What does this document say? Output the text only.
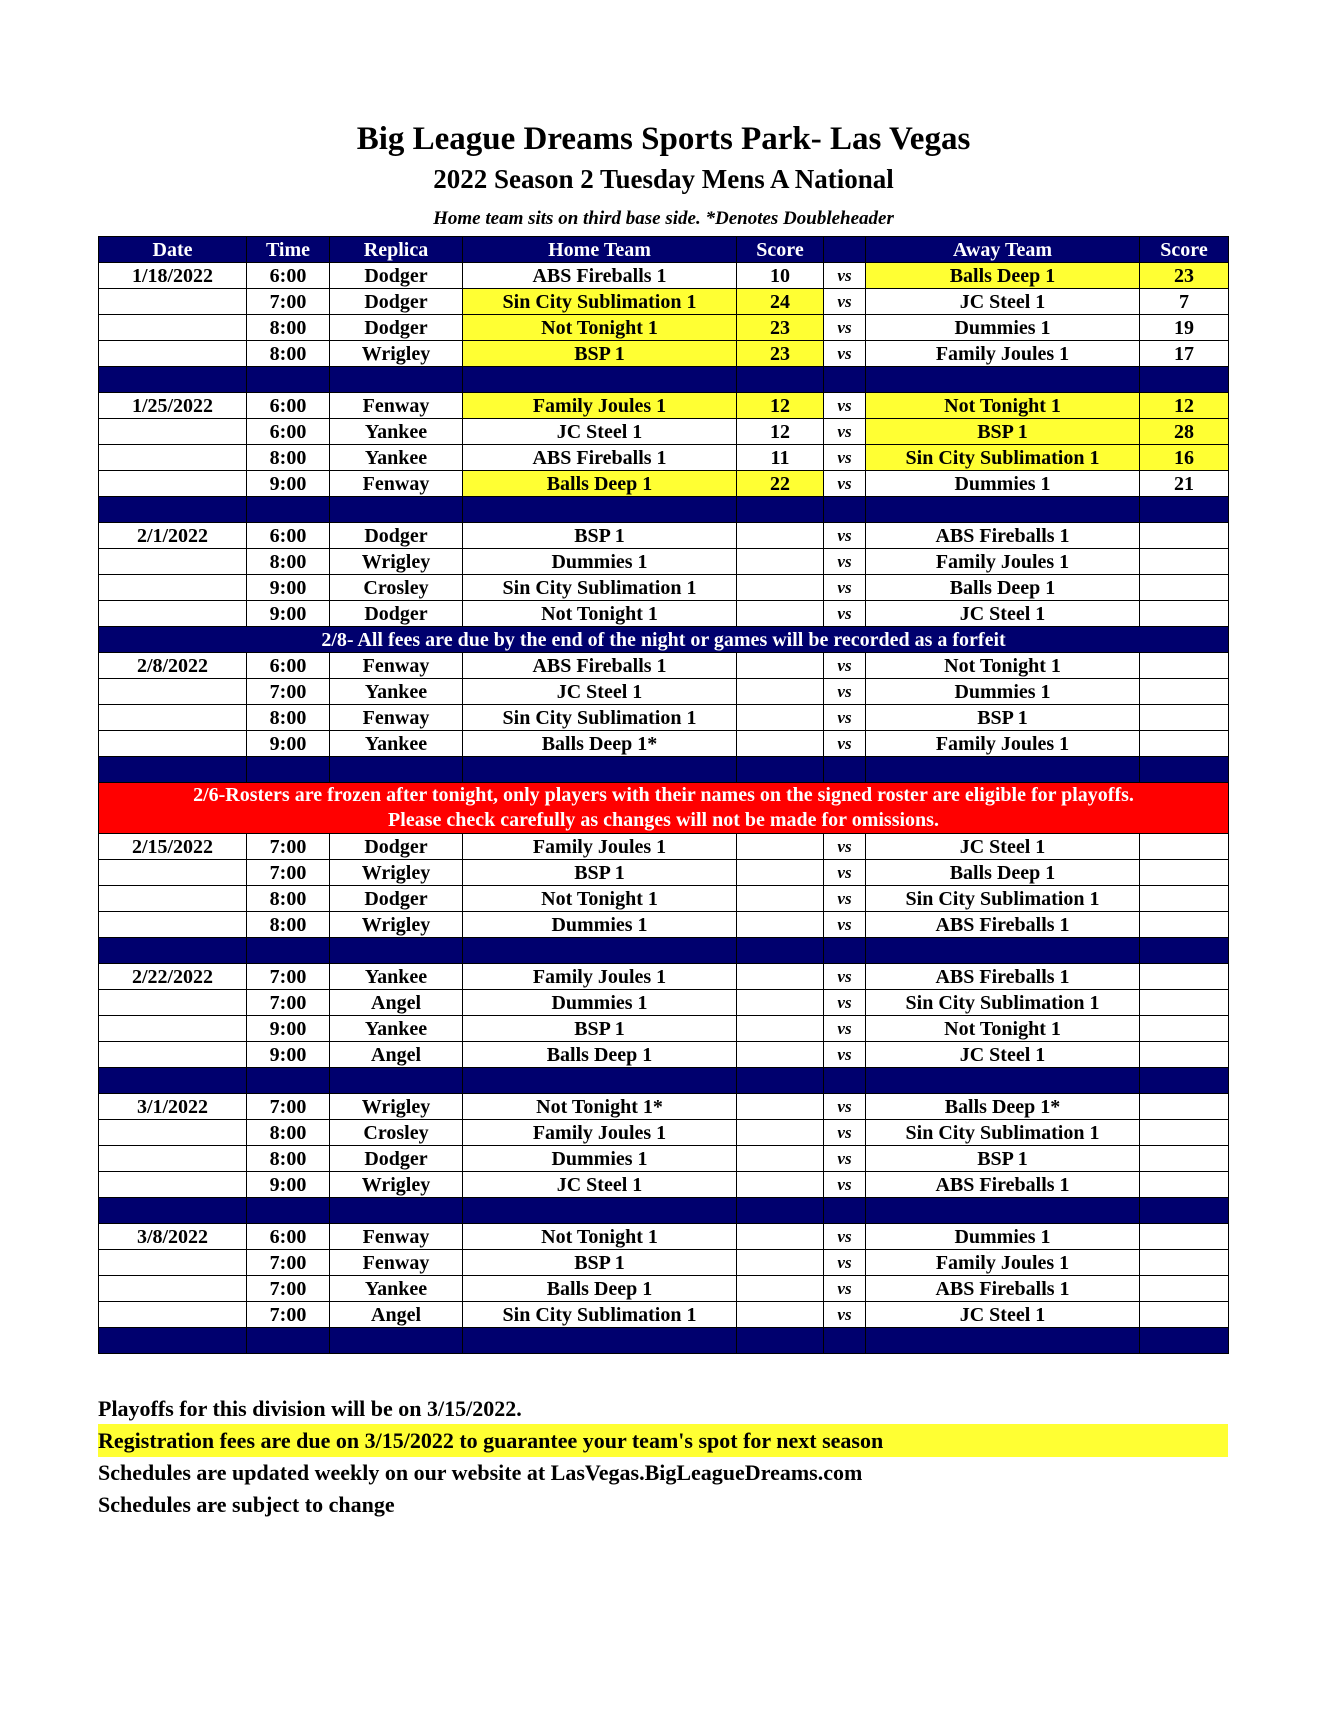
Big League Dreams Sports Park- Las Vegas
2022 Season 2 Tuesday Mens A National
Home team sits on third base side. *Denotes Doubleheader
Date	Time	Replica	Home Team	Score		Away Team	Score
1/18/2022	6:00	Dodger	ABS Fireballs 1	10	vs	Balls Deep 1	23
	7:00	Dodger	Sin City Sublimation 1	24	vs	JC Steel 1	7
	8:00	Dodger	Not Tonight 1	23	vs	Dummies 1	19
	8:00	Wrigley	BSP 1	23	vs	Family Joules 1	17

1/25/2022	6:00	Fenway	Family Joules 1	12	vs	Not Tonight 1	12
	6:00	Yankee	JC Steel 1	12	vs	BSP 1	28
	8:00	Yankee	ABS Fireballs 1	11	vs	Sin City Sublimation 1	16
	9:00	Fenway	Balls Deep 1	22	vs	Dummies 1	21

2/1/2022	6:00	Dodger	BSP 1		vs	ABS Fireballs 1	
	8:00	Wrigley	Dummies 1		vs	Family Joules 1	
	9:00	Crosley	Sin City Sublimation 1		vs	Balls Deep 1	
	9:00	Dodger	Not Tonight 1		vs	JC Steel 1	
2/8- All fees are due by the end of the night or games will be recorded as a forfeit							
2/8/2022	6:00	Fenway	ABS Fireballs 1		vs	Not Tonight 1	
	7:00	Yankee	JC Steel 1		vs	Dummies 1	
	8:00	Fenway	Sin City Sublimation 1		vs	BSP 1	
	9:00	Yankee	Balls Deep 1*		vs	Family Joules 1	

2/6-Rosters are frozen after tonight, only players with their names on the signed roster are eligible for playoffs.
Please check carefully as changes will not be made for omissions.							

2/15/2022	7:00	Dodger	Family Joules 1		vs	JC Steel 1	
	7:00	Wrigley	BSP 1		vs	Balls Deep 1	
	8:00	Dodger	Not Tonight 1		vs	Sin City Sublimation 1	
	8:00	Wrigley	Dummies 1		vs	ABS Fireballs 1	

2/22/2022	7:00	Yankee	Family Joules 1		vs	ABS Fireballs 1	
	7:00	Angel	Dummies 1		vs	Sin City Sublimation 1	
	9:00	Yankee	BSP 1		vs	Not Tonight 1	
	9:00	Angel	Balls Deep 1		vs	JC Steel 1	

3/1/2022	7:00	Wrigley	Not Tonight 1*		vs	Balls Deep 1*	
	8:00	Crosley	Family Joules 1		vs	Sin City Sublimation 1	
	8:00	Dodger	Dummies 1		vs	BSP 1	
	9:00	Wrigley	JC Steel 1		vs	ABS Fireballs 1	

3/8/2022	6:00	Fenway	Not Tonight 1		vs	Dummies 1	
	7:00	Fenway	BSP 1		vs	Family Joules 1	
	7:00	Yankee	Balls Deep 1		vs	ABS Fireballs 1	
	7:00	Angel	Sin City Sublimation 1		vs	JC Steel 1	

Playoffs for this division will be on 3/15/2022.
Registration fees are due on 3/15/2022 to guarantee your team's spot for next season
Schedules are updated weekly on our website at LasVegas.BigLeagueDreams.com
Schedules are subject to change
